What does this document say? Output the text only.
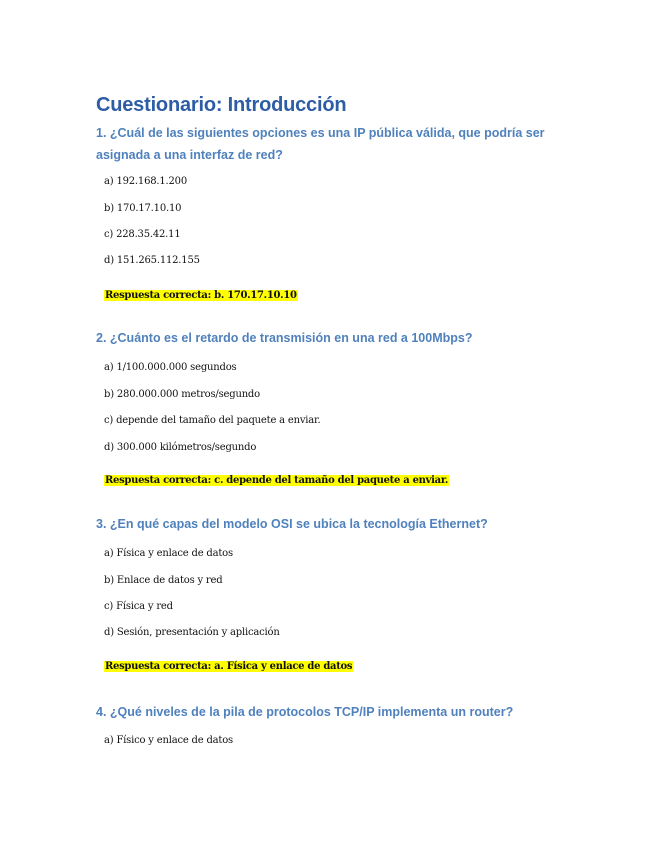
Cuestionario: Introducción
1. ¿Cuál de las siguientes opciones es una IP pública válida, que podría ser asignada a una interfaz de red?
a) 192.168.1.200
b) 170.17.10.10
c) 228.35.42.11
d) 151.265.112.155
Respuesta correcta: b. 170.17.10.10
2. ¿Cuánto es el retardo de transmisión en una red a 100Mbps?
a) 1/100.000.000 segundos
b) 280.000.000 metros/segundo
c) depende del tamaño del paquete a enviar.
d) 300.000 kilómetros/segundo
Respuesta correcta: c. depende del tamaño del paquete a enviar.
3. ¿En qué capas del modelo OSI se ubica la tecnología Ethernet?
a) Física y enlace de datos
b) Enlace de datos y red
c) Física y red
d) Sesión, presentación y aplicación
Respuesta correcta: a. Física y enlace de datos
4. ¿Qué niveles de la pila de protocolos TCP/IP implementa un router?
a) Físico y enlace de datos
